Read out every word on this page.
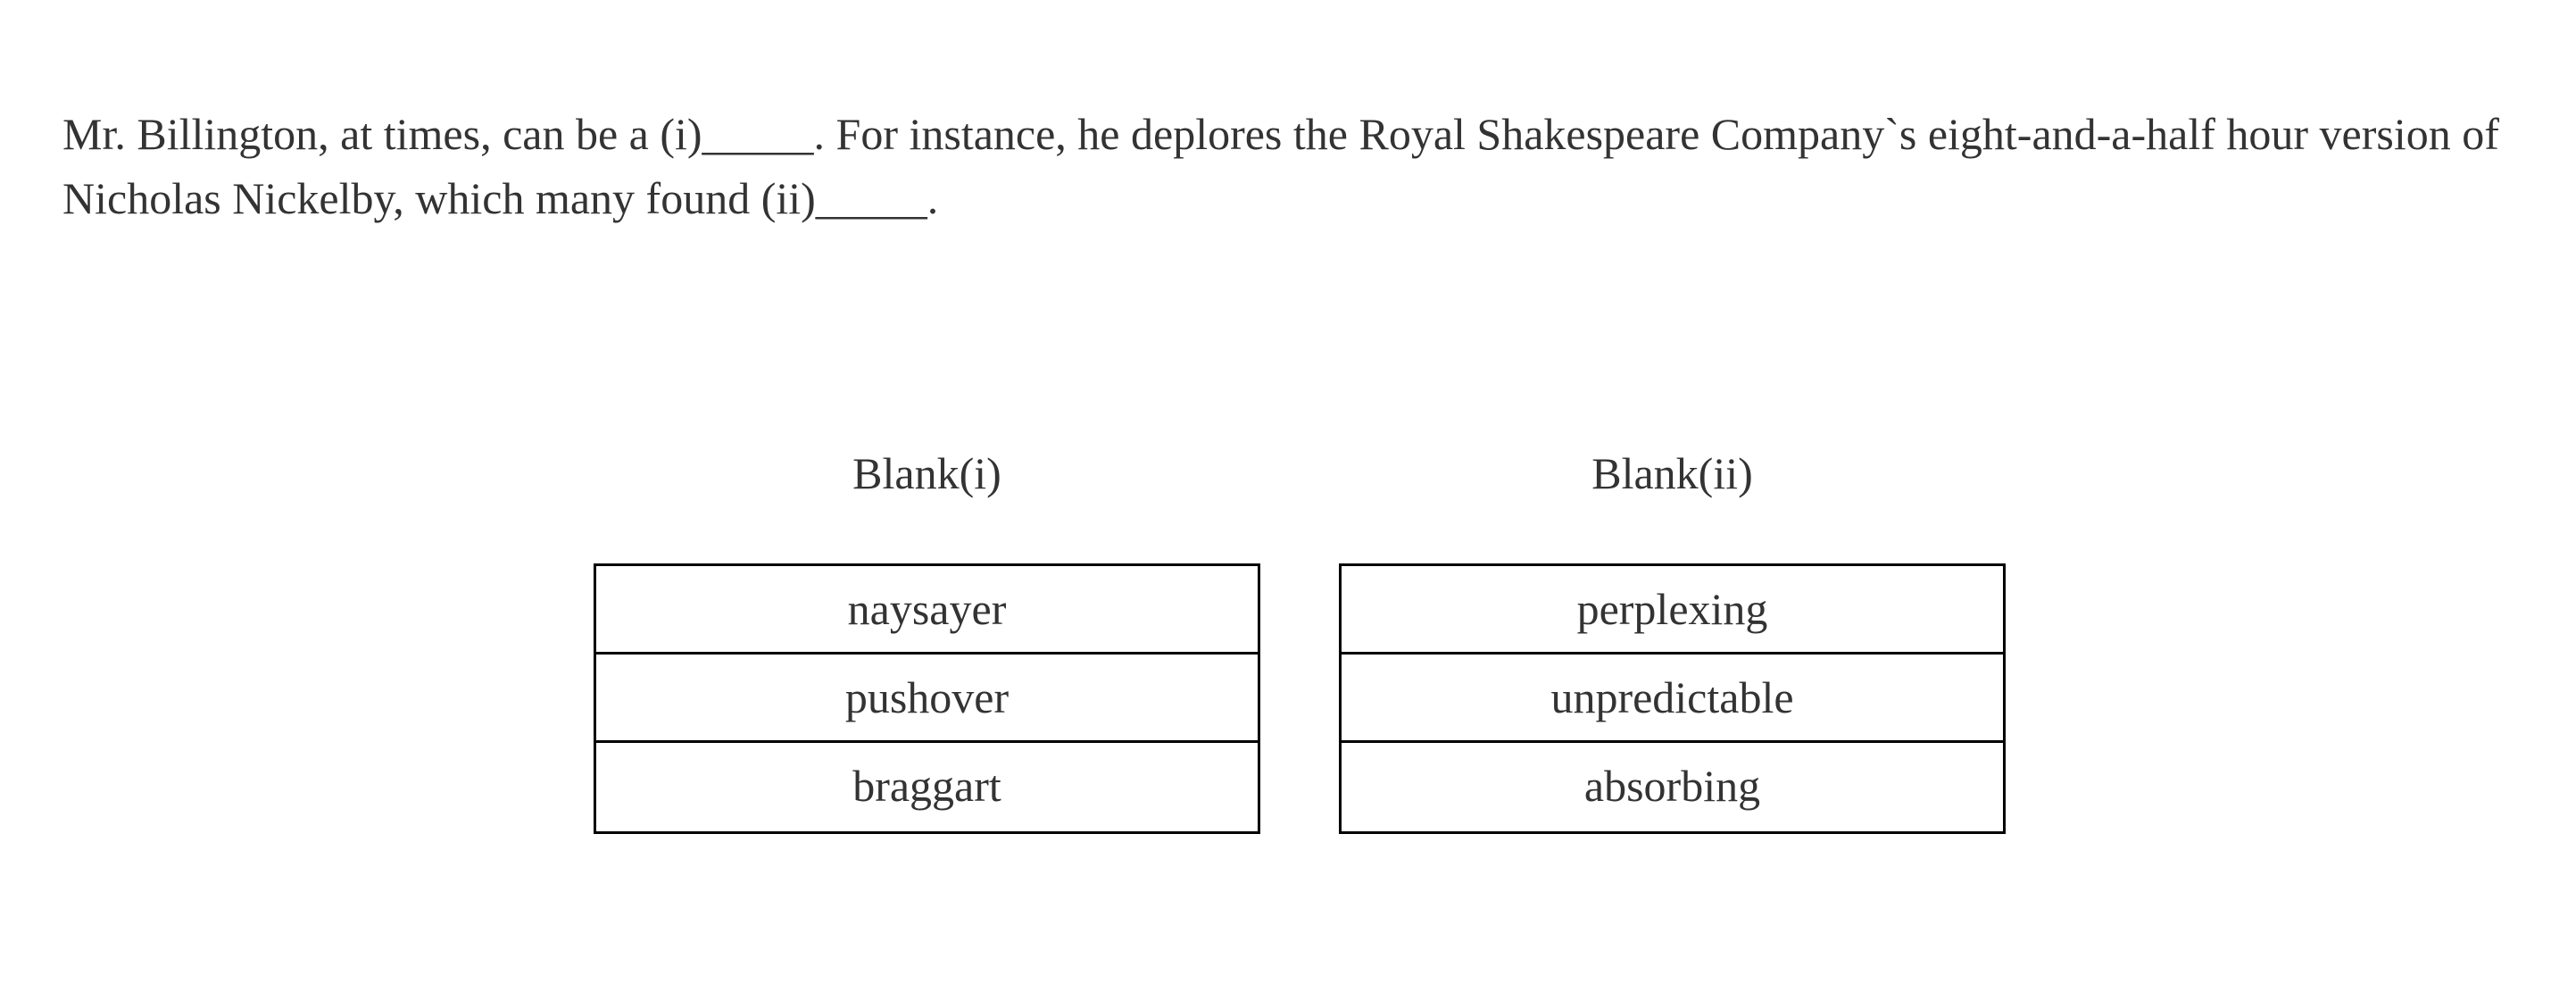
Mr. Billington, at times, can be a (i)_____. For instance, he deplores the Royal Shakespeare Company`s eight-and-a-half hour version of Nicholas Nickelby, which many found (ii)_____.

Blank(i)
naysayer
pushover
braggart
Blank(ii)
perplexing
unpredictable
absorbing
